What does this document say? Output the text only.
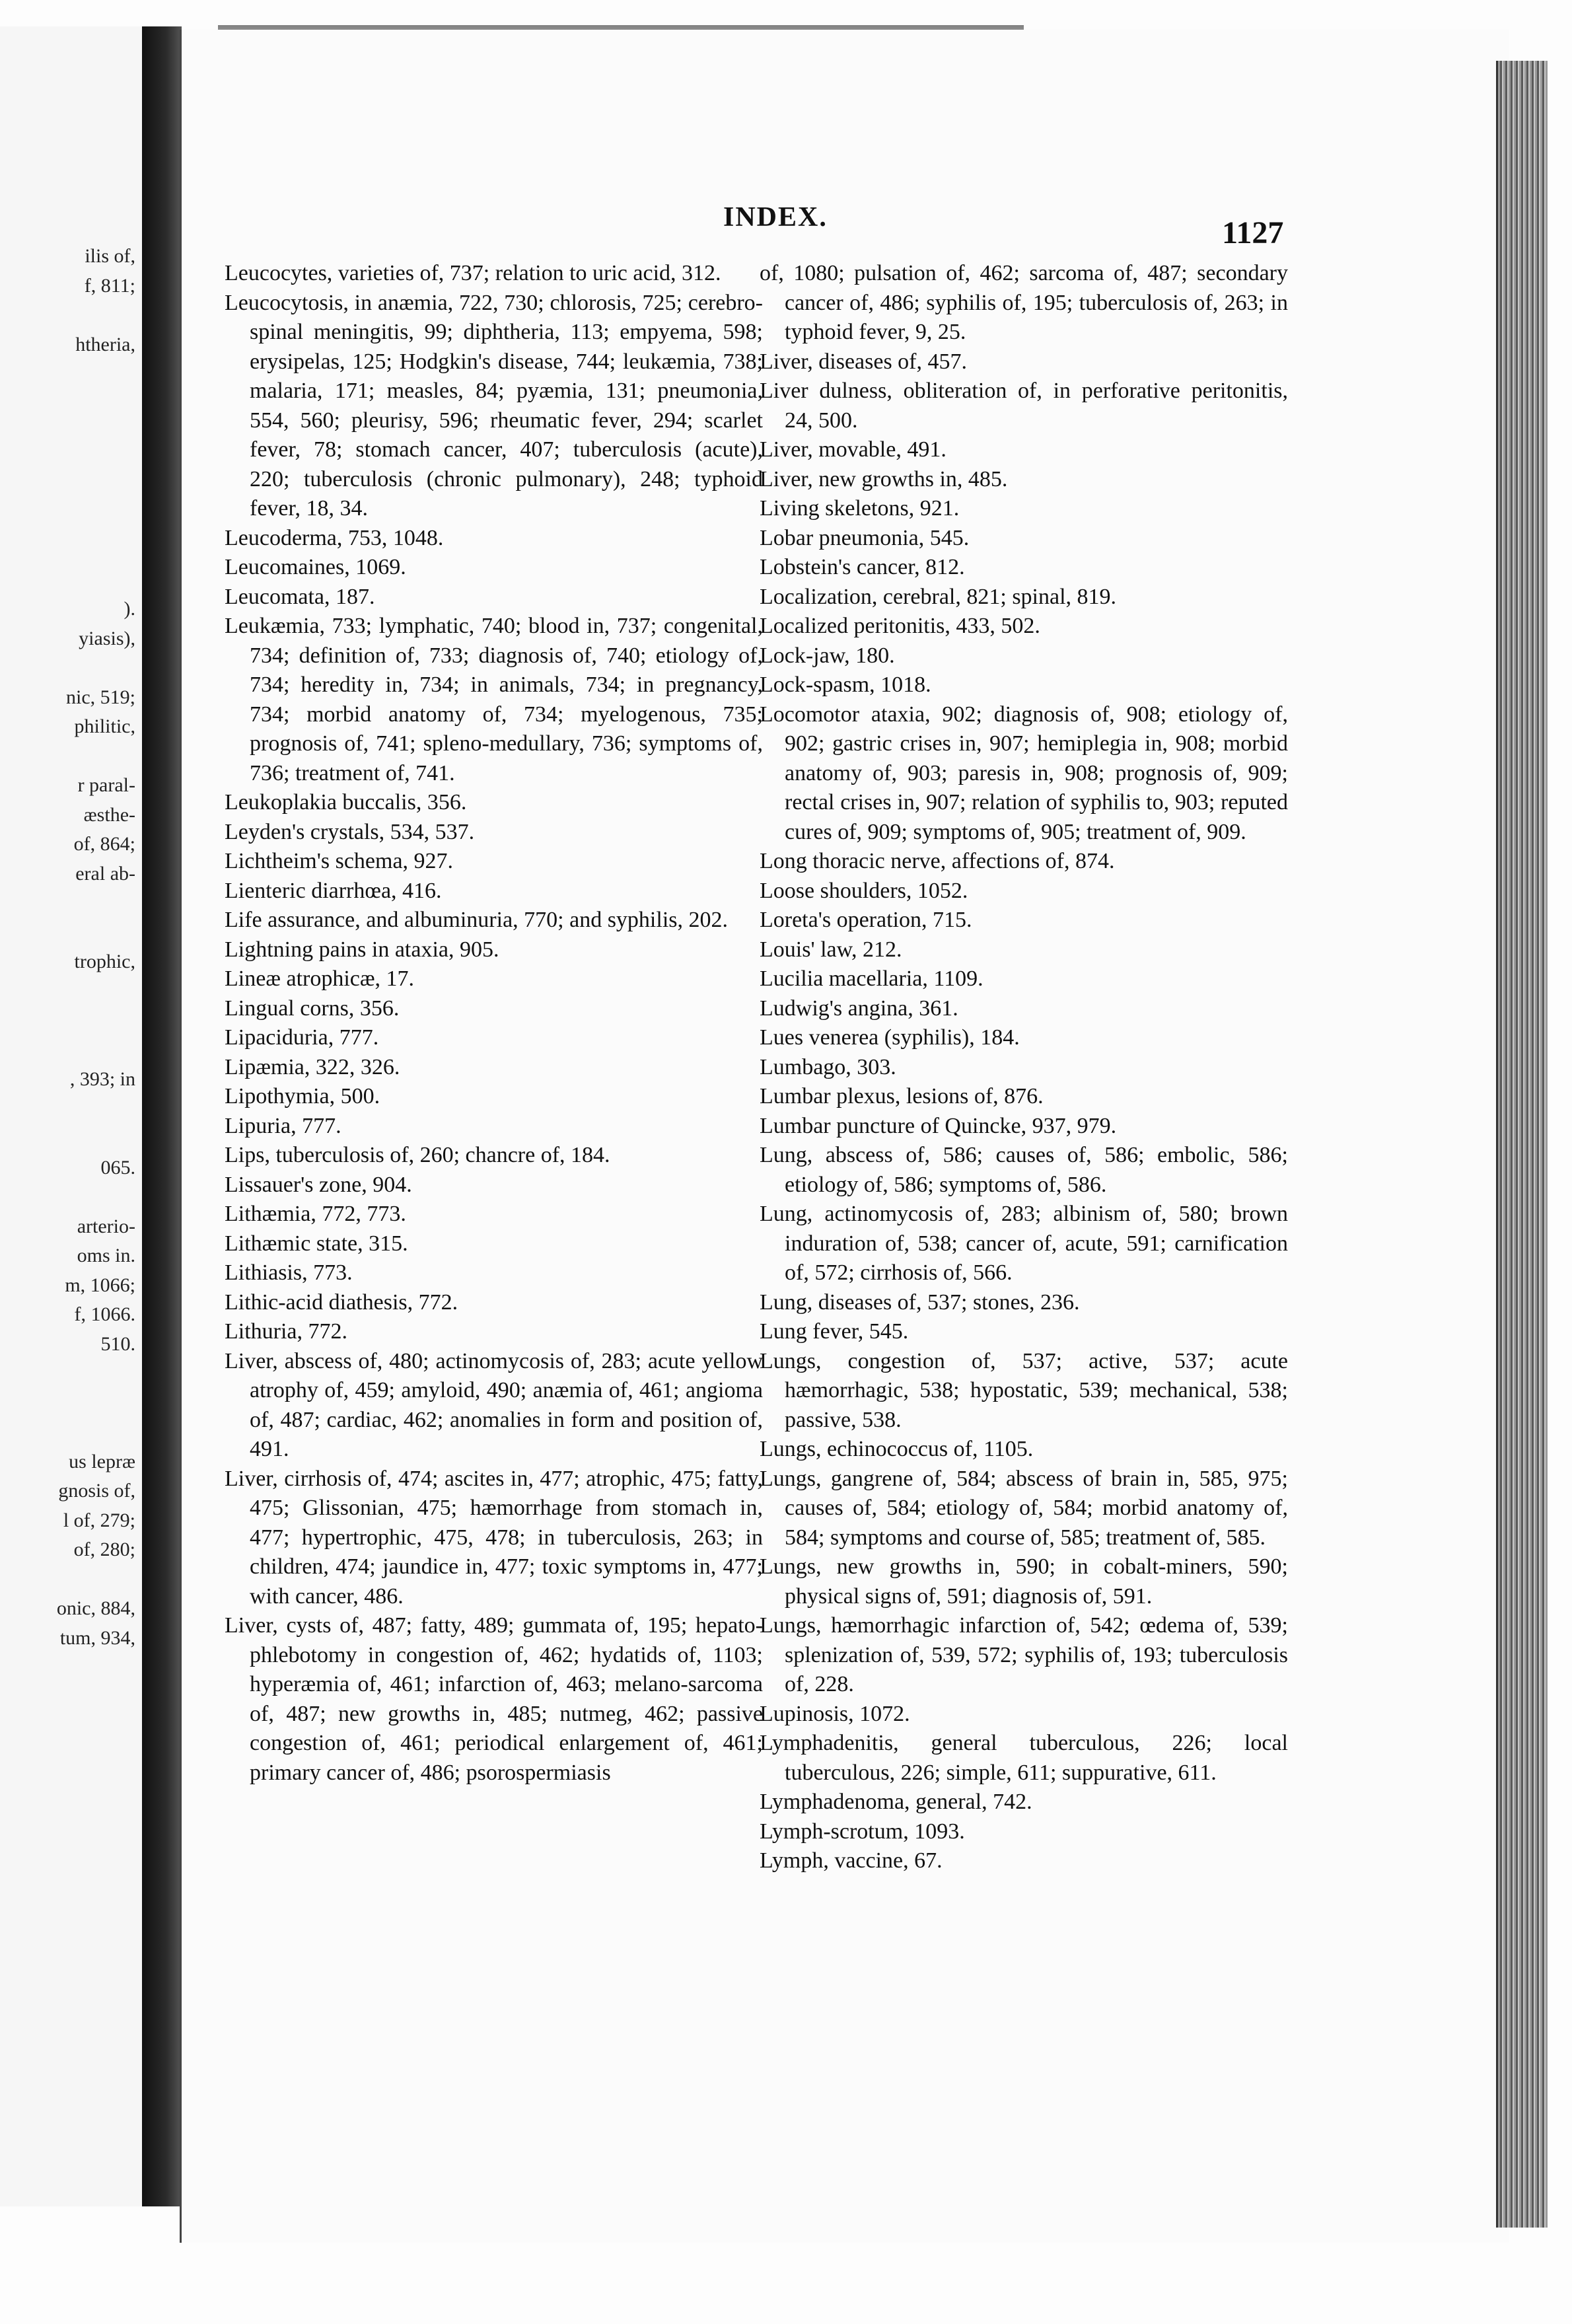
ilis of,
f, 811;
htheria,
).
yiasis),
nic, 519;
philitic,
r paral-
æsthe-
of, 864;
eral ab-
trophic,
, 393; in
065.
arterio-
oms in.
m, 1066;
f, 1066.
510.
us lepræ
gnosis of,
l of, 279;
of, 280;
onic, 884,
tum, 934,
INDEX.	1127

Leucocytes, varieties of, 737; relation to uric acid, 312.

Leucocytosis, in anæmia, 722, 730; chlorosis, 725; cerebro-spinal meningitis, 99; diphtheria, 113; empyema, 598; erysipelas, 125; Hodgkin's disease, 744; leukæmia, 738; malaria, 171; measles, 84; pyæmia, 131; pneumonia, 554, 560; pleurisy, 596; rheumatic fever, 294; scarlet fever, 78; stomach cancer, 407; tuberculosis (acute), 220; tuberculosis (chronic pulmonary), 248; typhoid fever, 18, 34.

Leucoderma, 753, 1048.

Leucomaines, 1069.

Leucomata, 187.

Leukæmia, 733; lymphatic, 740; blood in, 737; congenital, 734; definition of, 733; diagnosis of, 740; etiology of, 734; heredity in, 734; in animals, 734; in pregnancy, 734; morbid anatomy of, 734; myelogenous, 735; prognosis of, 741; spleno-medullary, 736; symptoms of, 736; treatment of, 741.

Leukoplakia buccalis, 356.

Leyden's crystals, 534, 537.

Lichtheim's schema, 927.

Lienteric diarrhœa, 416.

Life assurance, and albuminuria, 770; and syphilis, 202.

Lightning pains in ataxia, 905.

Lineæ atrophicæ, 17.

Lingual corns, 356.

Lipaciduria, 777.

Lipæmia, 322, 326.

Lipothymia, 500.

Lipuria, 777.

Lips, tuberculosis of, 260; chancre of, 184.

Lissauer's zone, 904.

Lithæmia, 772, 773.

Lithæmic state, 315.

Lithiasis, 773.

Lithic-acid diathesis, 772.

Lithuria, 772.

Liver, abscess of, 480; actinomycosis of, 283; acute yellow atrophy of, 459; amyloid, 490; anæmia of, 461; angioma of, 487; cardiac, 462; anomalies in form and position of, 491.

Liver, cirrhosis of, 474; ascites in, 477; atrophic, 475; fatty, 475; Glissonian, 475; hæmorrhage from stomach in, 477; hypertrophic, 475, 478; in tuberculosis, 263; in children, 474; jaundice in, 477; toxic symptoms in, 477; with cancer, 486.

Liver, cysts of, 487; fatty, 489; gummata of, 195; hepato-phlebotomy in congestion of, 462; hydatids of, 1103; hyperæmia of, 461; infarction of, 463; melano-sarcoma of, 487; new growths in, 485; nutmeg, 462; passive congestion of, 461; periodical enlargement of, 461; primary cancer of, 486; psorospermiasis

of, 1080; pulsation of, 462; sarcoma of, 487; secondary cancer of, 486; syphilis of, 195; tuberculosis of, 263; in typhoid fever, 9, 25.

Liver, diseases of, 457.

Liver dulness, obliteration of, in perforative peritonitis, 24, 500.

Liver, movable, 491.

Liver, new growths in, 485.

Living skeletons, 921.

Lobar pneumonia, 545.

Lobstein's cancer, 812.

Localization, cerebral, 821; spinal, 819.

Localized peritonitis, 433, 502.

Lock-jaw, 180.

Lock-spasm, 1018.

Locomotor ataxia, 902; diagnosis of, 908; etiology of, 902; gastric crises in, 907; hemiplegia in, 908; morbid anatomy of, 903; paresis in, 908; prognosis of, 909; rectal crises in, 907; relation of syphilis to, 903; reputed cures of, 909; symptoms of, 905; treatment of, 909.

Long thoracic nerve, affections of, 874.

Loose shoulders, 1052.

Loreta's operation, 715.

Louis' law, 212.

Lucilia macellaria, 1109.

Ludwig's angina, 361.

Lues venerea (syphilis), 184.

Lumbago, 303.

Lumbar plexus, lesions of, 876.

Lumbar puncture of Quincke, 937, 979.

Lung, abscess of, 586; causes of, 586; embolic, 586; etiology of, 586; symptoms of, 586.

Lung, actinomycosis of, 283; albinism of, 580; brown induration of, 538; cancer of, acute, 591; carnification of, 572; cirrhosis of, 566.

Lung, diseases of, 537; stones, 236.

Lung fever, 545.

Lungs, congestion of, 537; active, 537; acute hæmorrhagic, 538; hypostatic, 539; mechanical, 538; passive, 538.

Lungs, echinococcus of, 1105.

Lungs, gangrene of, 584; abscess of brain in, 585, 975; causes of, 584; etiology of, 584; morbid anatomy of, 584; symptoms and course of, 585; treatment of, 585.

Lungs, new growths in, 590; in cobalt-miners, 590; physical signs of, 591; diagnosis of, 591.

Lungs, hæmorrhagic infarction of, 542; œdema of, 539; splenization of, 539, 572; syphilis of, 193; tuberculosis of, 228.

Lupinosis, 1072.

Lymphadenitis, general tuberculous, 226; local tuberculous, 226; simple, 611; suppurative, 611.

Lymphadenoma, general, 742.

Lymph-scrotum, 1093.

Lymph, vaccine, 67.
